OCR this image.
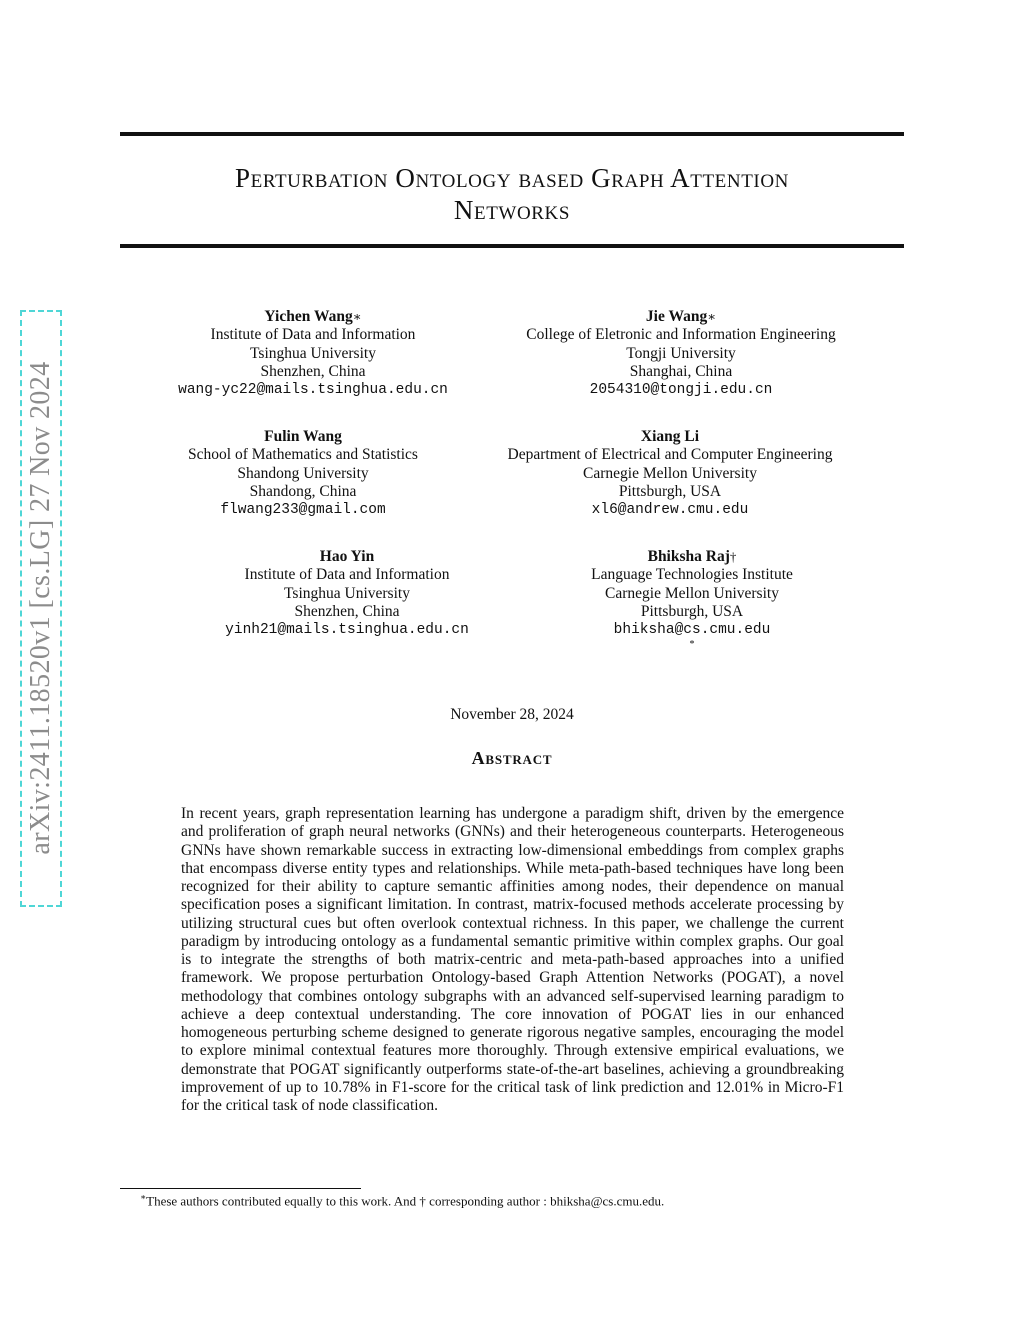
Perturbation Ontology based Graph Attention
Networks
arXiv:2411.18520v1 [cs.LG] 27 Nov 2024
Yichen Wang∗
Institute of Data and Information
Tsinghua University
Shenzhen, China
wang-yc22@mails.tsinghua.edu.cn
Jie Wang∗
College of Eletronic and Information Engineering
Tongji University
Shanghai, China
2054310@tongji.edu.cn
Fulin Wang
School of Mathematics and Statistics
Shandong University
Shandong, China
flwang233@gmail.com
Xiang Li
Department of Electrical and Computer Engineering
Carnegie Mellon University
Pittsburgh, USA
xl6@andrew.cmu.edu
Hao Yin
Institute of Data and Information
Tsinghua University
Shenzhen, China
yinh21@mails.tsinghua.edu.cn
Bhiksha Raj†
Language Technologies Institute
Carnegie Mellon University
Pittsburgh, USA
bhiksha@cs.cmu.edu
*
November 28, 2024
Abstract
In recent years, graph representation learning has undergone a paradigm shift, driven by the emergence and proliferation of graph neural networks (GNNs) and their heterogeneous counterparts. Heterogeneous GNNs have shown remarkable success in extracting low-dimensional embeddings from complex graphs that encompass diverse entity types and relationships. While meta-path-based techniques have long been recognized for their ability to capture semantic affinities among nodes, their dependence on manual specification poses a significant limitation. In contrast, matrix-focused methods accelerate processing by utilizing structural cues but often overlook contextual richness. In this paper, we challenge the current paradigm by introducing ontology as a fundamental semantic primitive within complex graphs. Our goal is to integrate the strengths of both matrix-centric and meta-path-based approaches into a unified framework. We propose perturbation Ontology-based Graph Attention Networks (POGAT), a novel methodology that combines ontology subgraphs with an advanced self-supervised learning paradigm to achieve a deep contextual understanding. The core innovation of POGAT lies in our enhanced homogeneous perturbing scheme designed to generate rigorous negative samples, encouraging the model to explore minimal contextual features more thoroughly. Through extensive empirical evaluations, we demonstrate that POGAT significantly outperforms state-of-the-art baselines, achieving a groundbreaking improvement of up to 10.78% in F1-score for the critical task of link prediction and 12.01% in Micro-F1 for the critical task of node classification.
∗These authors contributed equally to this work. And † corresponding author : bhiksha@cs.cmu.edu.
